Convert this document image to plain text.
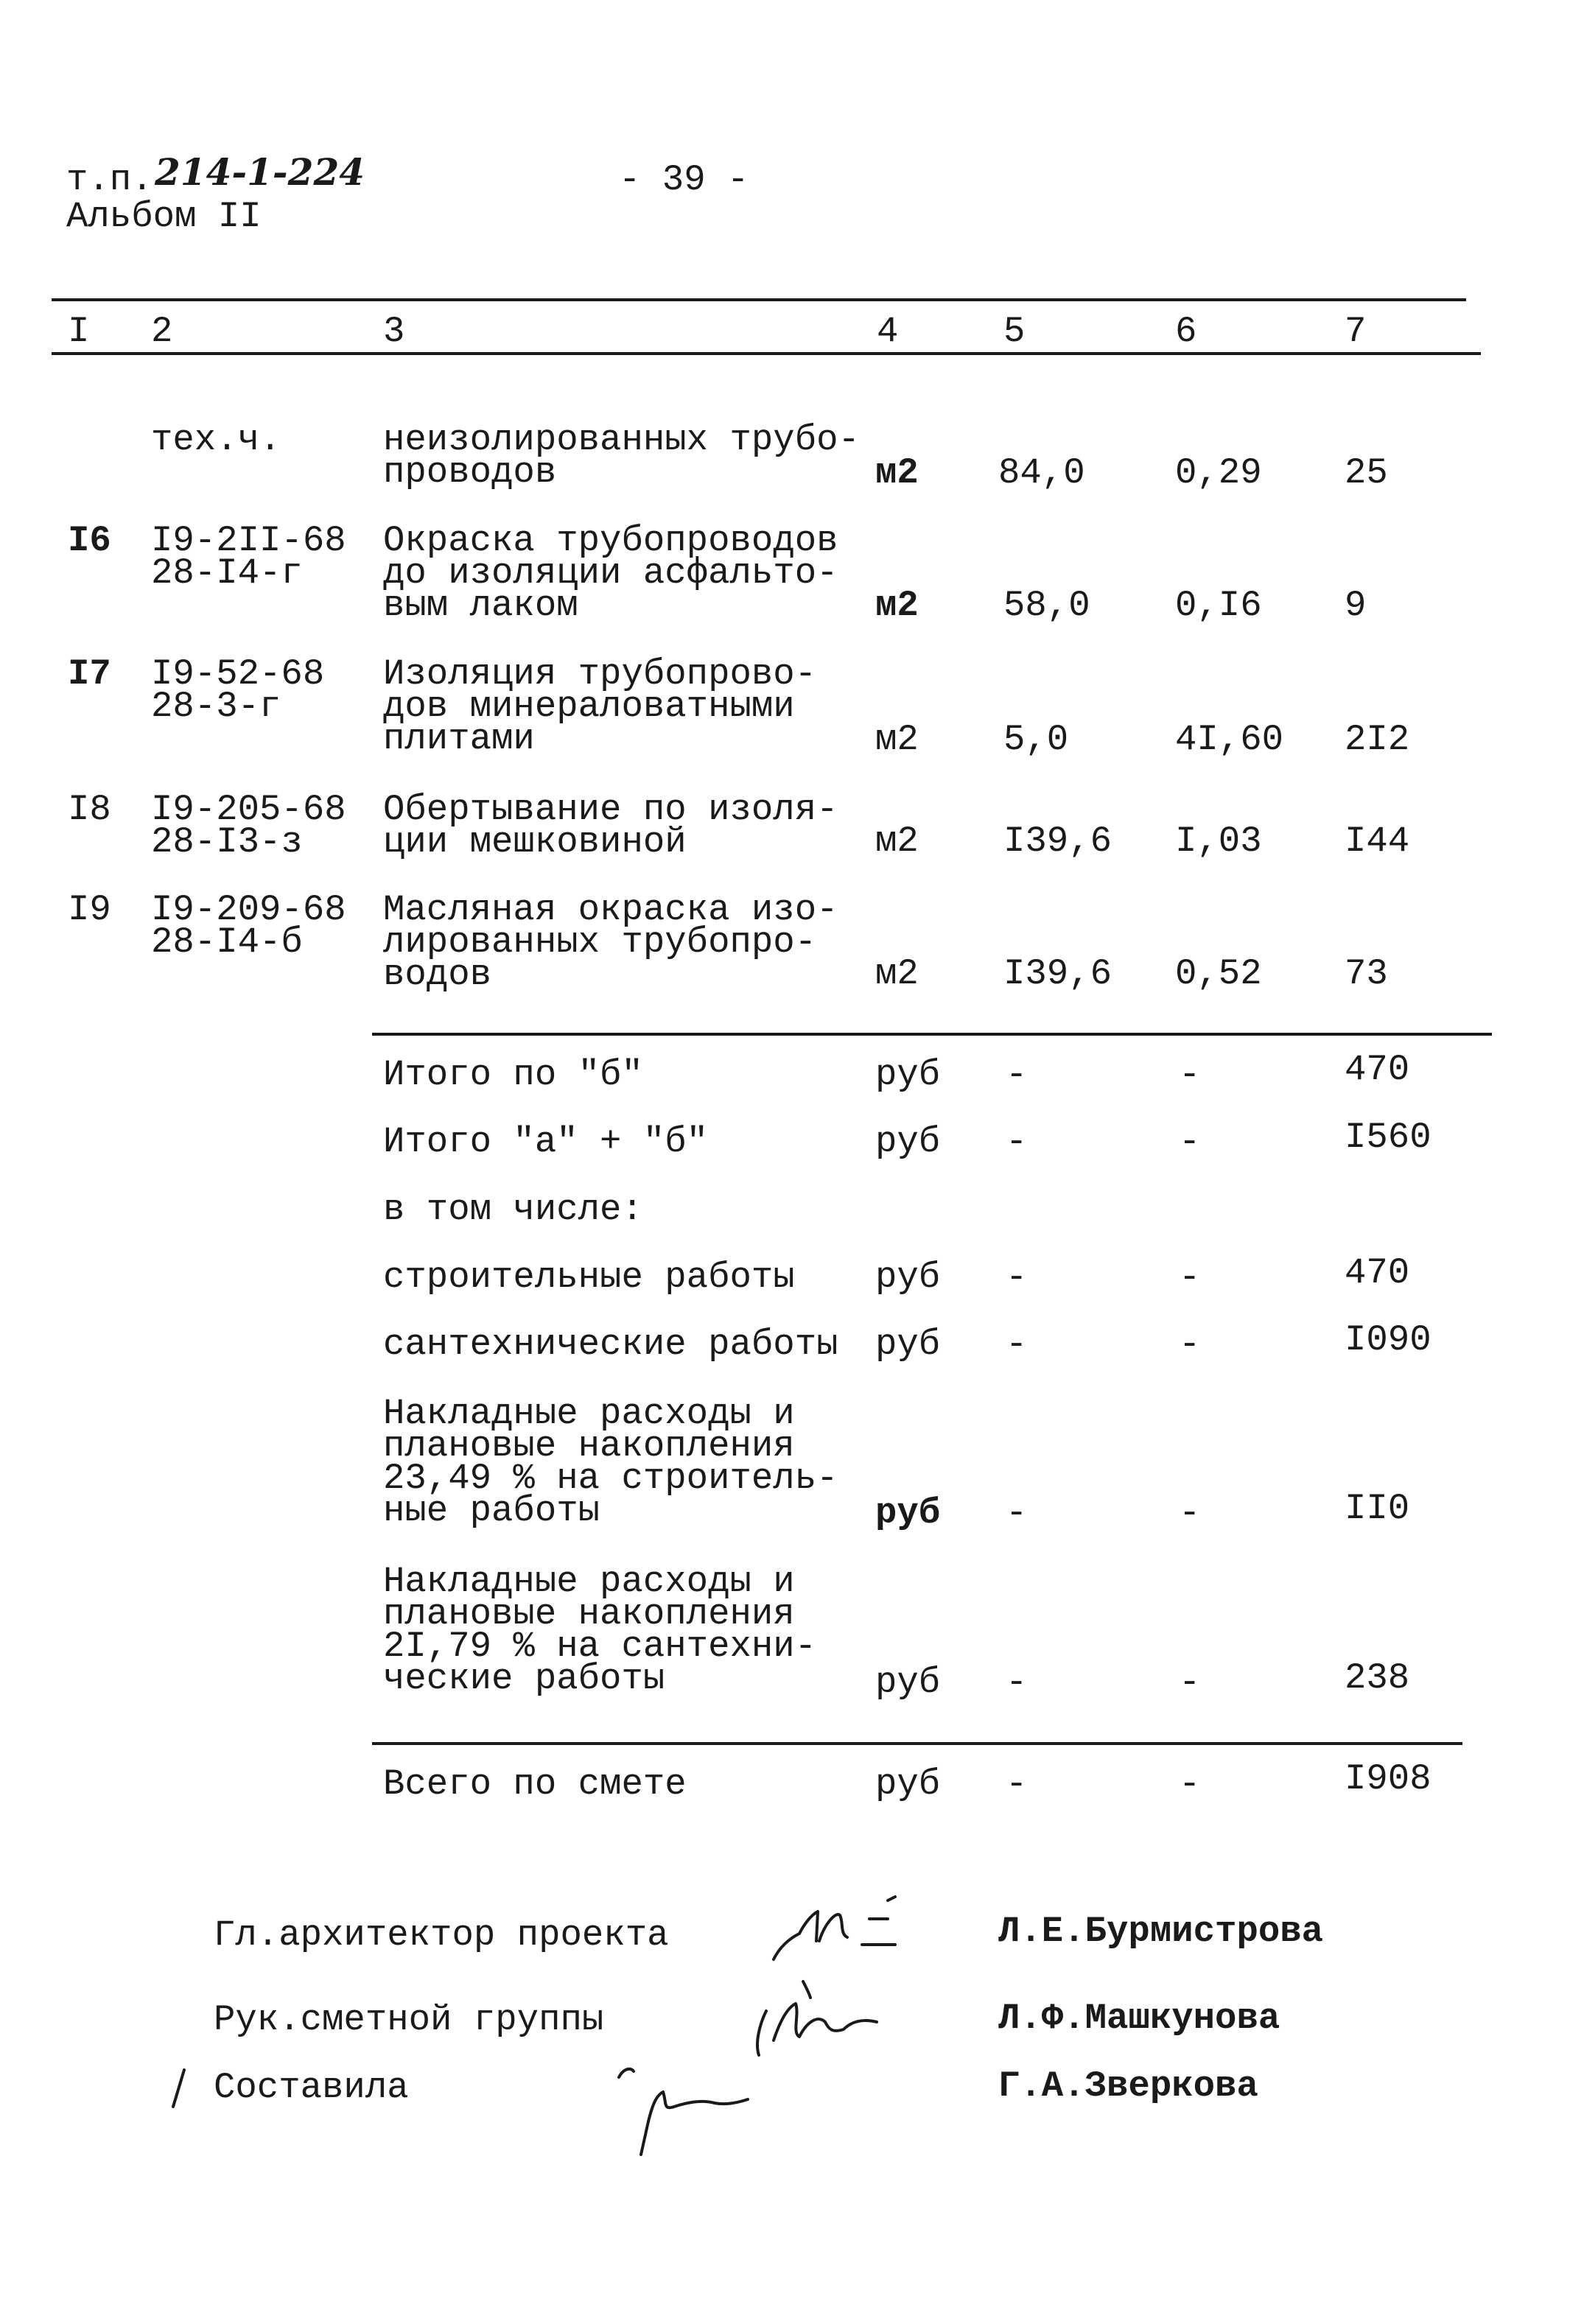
т.п. 214-1-224
Альбом II
- 39 -
I 2	3	4	5	6	7
тех.ч.	неизолированных трубо-
проводов	м2 84,0 0,29 25
I6 I9-2II-68
28-I4-г
Окраска трубопроводов
до изоляции асфальто-
вым лаком	м2 58,0 0,I6 9
I7 I9-52-68
28-3-г
Изоляция трубопрово-
дов минераловатными
плитами	м2 5,0	4I,60 2I2
I8 I9-205-68
28-I3-з
Обертывание по изоля-
ции мешковиной	м2 I39,6 I,03 I44
I9 I9-209-68
28-I4-б
Масляная окраска изо-
лированных трубопро-
водов	м2 I39,6 0,52 73
Итого по "б"	руб -	-	470
Итого "а" + "б"	руб -	-	I560
в том числе:
строительные работы руб -	-	470
сантехнические работы руб -	-	I090
Накладные расходы и
плановые накопления
23,49 % на строитель-
ные работы	руб -	-	II0
Накладные расходы и
плановые накопления
2I,79 % на сантехни-
ческие работы	руб -	-	238
Всего по смете	руб -	-	I908
Гл.архитектор проекта	Л.Е.Бурмистрова
Рук.сметной группы	Л.Ф.Машкунова
Составила	Г.А.Зверкова
